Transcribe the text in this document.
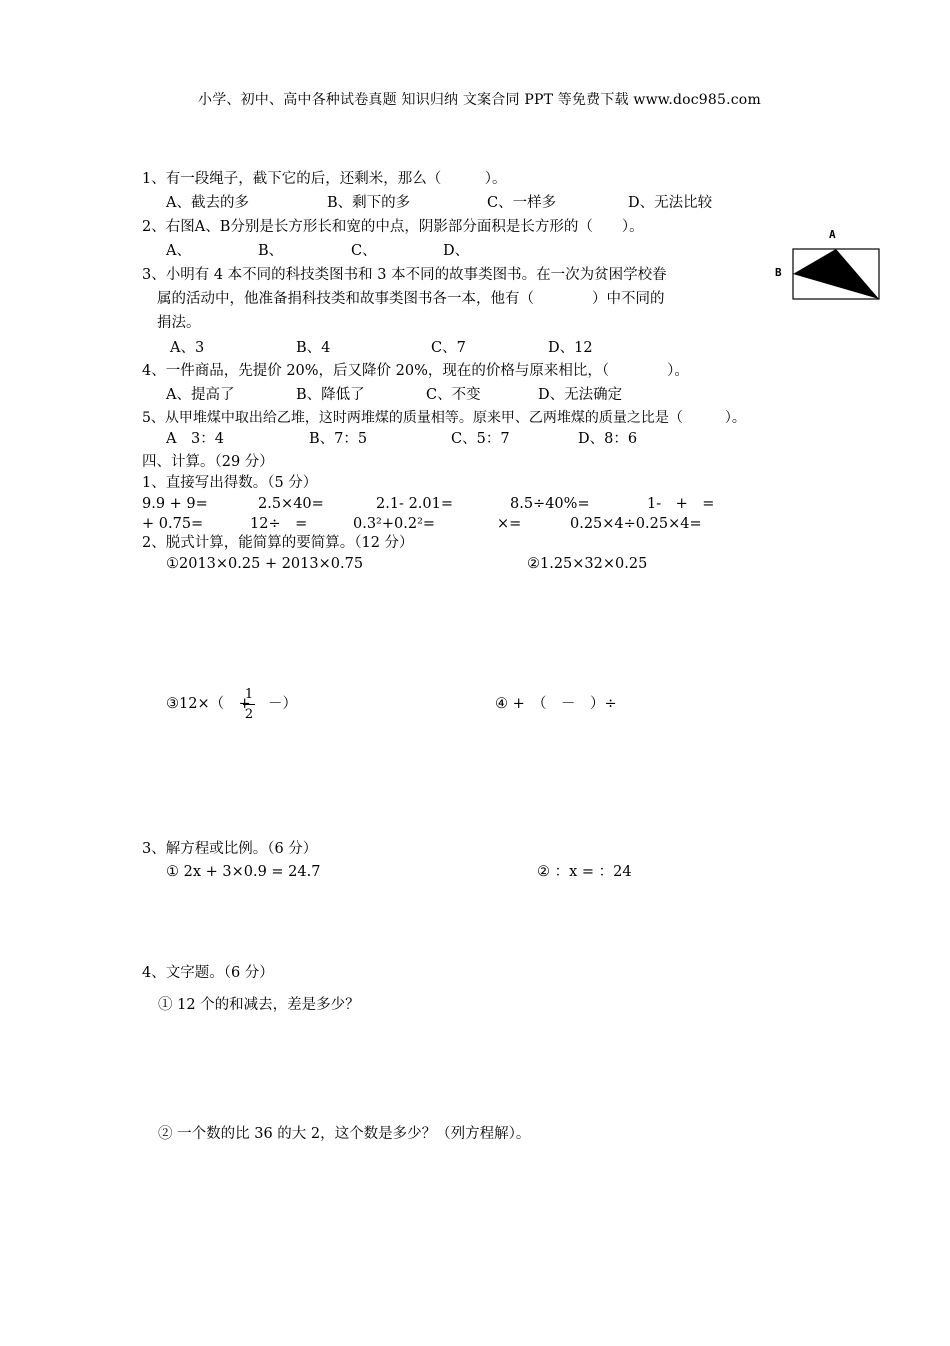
小学、初中、高中各种试卷真题 知识归纳 文案合同 PPT 等免费下载 www.doc985.com
1、有一段绳子，截下它的后，还剩米，那么（　　　）。
A、截去的多	B、剩下的多	C、一样多	D、无法比较
2、右图A、B分别是长方形长和宽的中点，阴影部分面积是长方形的（　　）。
A、	B、	C、	D、
A
B
3、小明有 4 本不同的科技类图书和 3 本不同的故事类图书。在一次为贫困学校眷
属的活动中，他准备捐科技类和故事类图书各一本，他有（　　　　）中不同的
捐法。
A、3	B、4	C、7	D、12
4、一件商品，先提价 20%，后又降价 20%，现在的价格与原来相比，（　　　　）。
A、提高了	B、降低了	C、不变	D、无法确定
5、从甲堆煤中取出给乙堆，这时两堆煤的质量相等。原来甲、乙两堆煤的质量之比是（　　　）。
A　3：4	B、7：5	C、5：7	D、8：6
四、计算。（29 分）
1、直接写出得数。（5 分）
9.9 + 9=	2.5×40=	2.1- 2.01=	8.5÷40%=	1-　+　=
+ 0.75=	12÷　=	0.3²+0.2²=	×=	0.25×4÷0.25×4=
2、脱式计算，能简算的要简算。（12 分）
①2013×0.25 + 2013×0.75	②1.25×32×0.25
③12×（　+
1
2
－）	④ +　（　－　）÷
3、解方程或比例。（6 分）
① 2x + 3×0.9 = 24.7	② ：x = ：24
4、文字题。（6 分）
① 12 个的和减去，差是多少？
② 一个数的比 36 的大 2，这个数是多少？（列方程解）。
